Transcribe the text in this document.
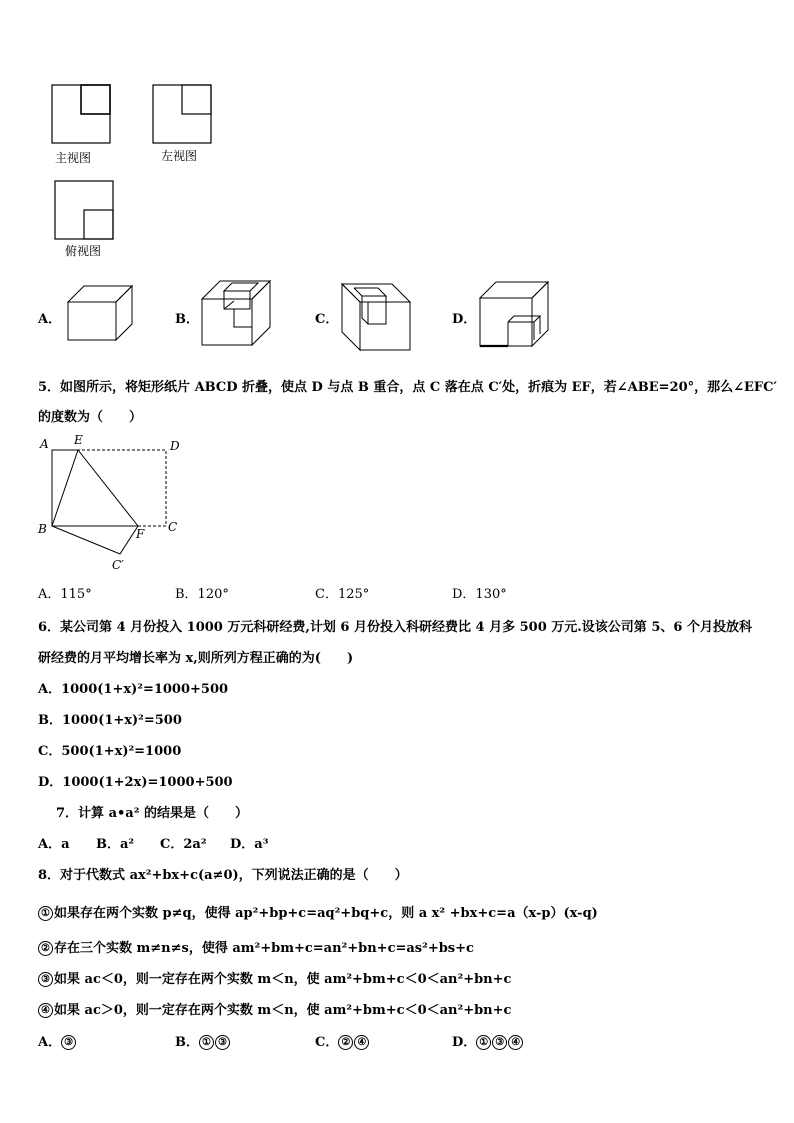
主视图	左视图
俯视图
A．	B．	C．	D．
5．如图所示，将矩形纸片 ABCD 折叠，使点 D 与点 B 重合，点 C 落在点 C′处，折痕为 EF，若∠ABE=20°，那么∠EFC′
的度数为（　　）
A E	D
B	F C
C′
A．115°	B．120°	C．125°	D．130°
6．某公司第 4 月份投入 1000 万元科研经费,计划 6 月份投入科研经费比 4 月多 500 万元.设该公司第 5、6 个月投放科
研经费的月平均增长率为 x,则所列方程正确的为(　　)
A．1000(1+x)²=1000+500
B．1000(1+x)²=500
C．500(1+x)²=1000
D．1000(1+2x)=1000+500
7．计算 a•a² 的结果是（　　）
A．a B．a² C．2a² D．a³
8．对于代数式 ax²+bx+c(a≠0)，下列说法正确的是（　　）
① 如果存在两个实数 p≠q，使得 ap²+bp+c=aq²+bq+c，则 a x² +bx+c=a（x-p）(x-q)
② 存在三个实数 m≠n≠s，使得 am²+bm+c=an²+bn+c=as²+bs+c
③ 如果 ac＜0，则一定存在两个实数 m＜n，使 am²+bm+c＜0＜an²+bn+c
④ 如果 ac＞0，则一定存在两个实数 m＜n，使 am²+bm+c＜0＜an²+bn+c
A． ③	B． ① ③	C． ② ④	D． ① ③ ④
